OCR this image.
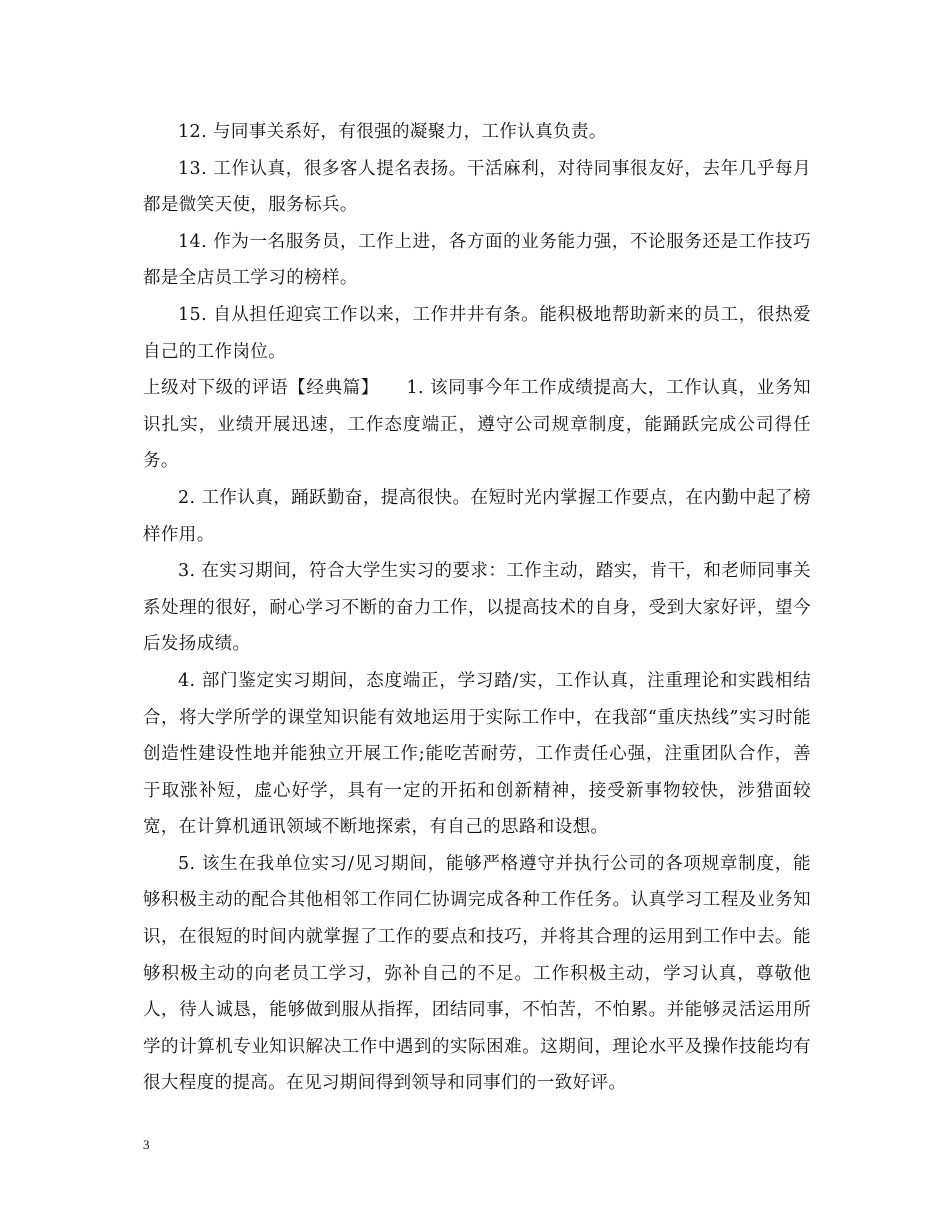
12. 与同事关系好，有很强的凝聚力，工作认真负责。

13. 工作认真，很多客人提名表扬。干活麻利，对待同事很友好，去年几乎每月都是微笑天使，服务标兵。

14. 作为一名服务员，工作上进，各方面的业务能力强，不论服务还是工作技巧都是全店员工学习的榜样。

15. 自从担任迎宾工作以来，工作井井有条。能积极地帮助新来的员工，很热爱自己的工作岗位。

上级对下级的评语【经典篇】　　1. 该同事今年工作成绩提高大，工作认真，业务知识扎实，业绩开展迅速，工作态度端正，遵守公司规章制度，能踊跃完成公司得任务。

2. 工作认真，踊跃勤奋，提高很快。在短时光内掌握工作要点，在内勤中起了榜样作用。

3. 在实习期间，符合大学生实习的要求：工作主动，踏实，肯干，和老师同事关系处理的很好，耐心学习不断的奋力工作，以提高技术的自身，受到大家好评，望今后发扬成绩。

4. 部门鉴定实习期间，态度端正，学习踏/实，工作认真，注重理论和实践相结合，将大学所学的课堂知识能有效地运用于实际工作中，在我部“重庆热线”实习时能创造性建设性地并能独立开展工作;能吃苦耐劳，工作责任心强，注重团队合作，善于取涨补短，虚心好学，具有一定的开拓和创新精神，接受新事物较快，涉猎面较宽，在计算机通讯领域不断地探索，有自己的思路和设想。

5. 该生在我单位实习/见习期间，能够严格遵守并执行公司的各项规章制度，能够积极主动的配合其他相邻工作同仁协调完成各种工作任务。认真学习工程及业务知识，在很短的时间内就掌握了工作的要点和技巧，并将其合理的运用到工作中去。能够积极主动的向老员工学习，弥补自己的不足。工作积极主动，学习认真，尊敬他人，待人诚恳，能够做到服从指挥，团结同事，不怕苦，不怕累。并能够灵活运用所学的计算机专业知识解决工作中遇到的实际困难。这期间，理论水平及操作技能均有很大程度的提高。在见习期间得到领导和同事们的一致好评。

3
